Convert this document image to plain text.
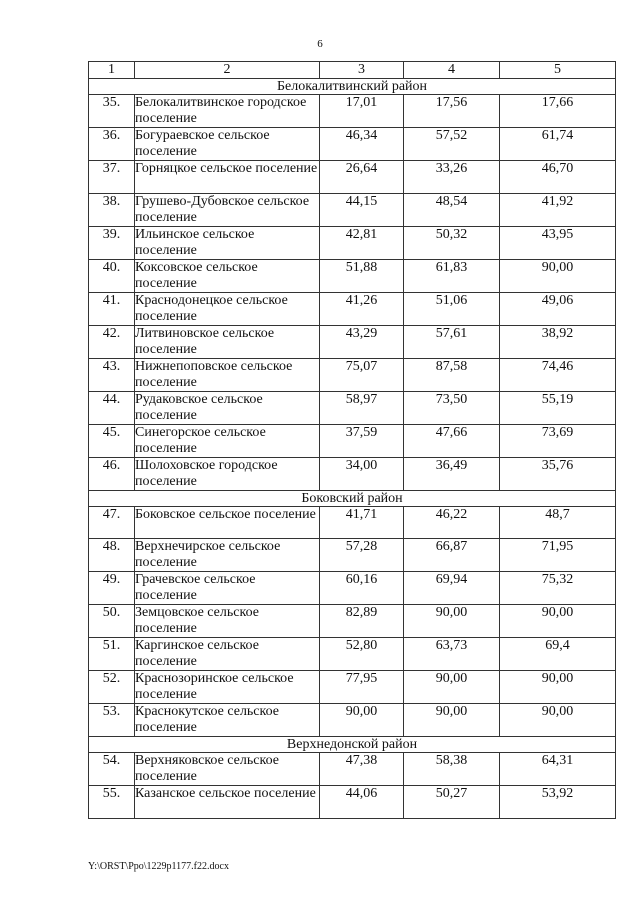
6
1	2	3	4	5
Белокалитвинский район				
35.	Белокалитвинское городское поселение	17,01	17,56	17,66
36.	Богураевское сельское поселение	46,34	57,52	61,74
37.	Горняцкое сельское поселение	26,64	33,26	46,70
38.	Грушево-Дубовское сельское поселение	44,15	48,54	41,92
39.	Ильинское сельское поселение	42,81	50,32	43,95
40.	Коксовское сельское поселение	51,88	61,83	90,00
41.	Краснодонецкое сельское поселение	41,26	51,06	49,06
42.	Литвиновское сельское поселение	43,29	57,61	38,92
43.	Нижнепоповское сельское поселение	75,07	87,58	74,46
44.	Рудаковское сельское поселение	58,97	73,50	55,19
45.	Синегорское сельское поселение	37,59	47,66	73,69
46.	Шолоховское городское поселение	34,00	36,49	35,76
Боковский район				
47.	Боковское сельское поселение	41,71	46,22	48,7
48.	Верхнечирское сельское поселение	57,28	66,87	71,95
49.	Грачевское сельское поселение	60,16	69,94	75,32
50.	Земцовское сельское поселение	82,89	90,00	90,00
51.	Каргинское сельское поселение	52,80	63,73	69,4
52.	Краснозоринское сельское поселение	77,95	90,00	90,00
53.	Краснокутское сельское поселение	90,00	90,00	90,00
Верхнедонской район				
54.	Верхняковское сельское поселение	47,38	58,38	64,31
55.	Казанское сельское поселение	44,06	50,27	53,92
Y:\ORST\Ppo\1229p1177.f22.docx
